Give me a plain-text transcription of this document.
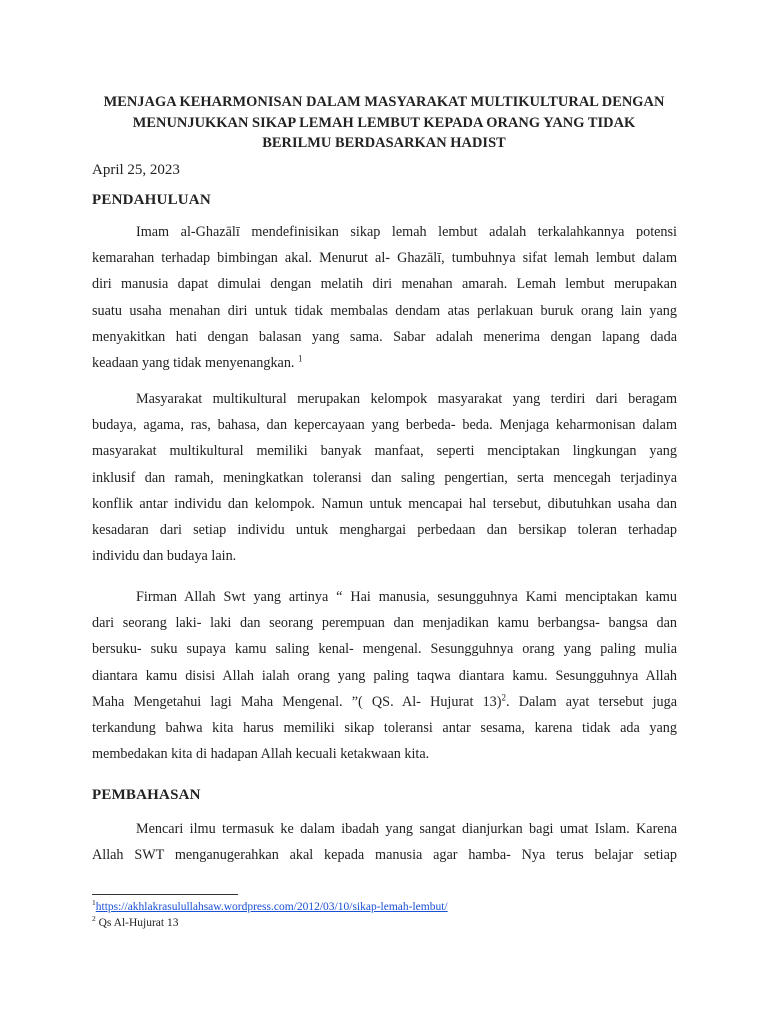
MENJAGA KEHARMONISAN DALAM MASYARAKAT MULTIKULTURAL DENGAN
MENUNJUKKAN SIKAP LEMAH LEMBUT KEPADA ORANG YANG TIDAK
BERILMU BERDASARKAN HADIST
April 25, 2023
PENDAHULUAN
Imam al-Ghazālī mendefinisikan sikap lemah lembut adalah terkalahkannya potensi
kemarahan terhadap bimbingan akal. Menurut al- Ghazālī, tumbuhnya sifat lemah lembut dalam
diri manusia dapat dimulai dengan melatih diri menahan amarah. Lemah lembut merupakan
suatu usaha menahan diri untuk tidak membalas dendam atas perlakuan buruk orang lain yang
menyakitkan hati dengan balasan yang sama. Sabar adalah menerima dengan lapang dada
keadaan yang tidak menyenangkan. $^1$
Masyarakat multikultural merupakan kelompok masyarakat yang terdiri dari beragam
budaya, agama, ras, bahasa, dan kepercayaan yang berbeda- beda. Menjaga keharmonisan dalam
masyarakat multikultural memiliki banyak manfaat, seperti menciptakan lingkungan yang
inklusif dan ramah, meningkatkan toleransi dan saling pengertian, serta mencegah terjadinya
konflik antar individu dan kelompok. Namun untuk mencapai hal tersebut, dibutuhkan usaha dan
kesadaran dari setiap individu untuk menghargai perbedaan dan bersikap toleran terhadap
individu dan budaya lain.
Firman Allah Swt yang artinya “ Hai manusia, sesungguhnya Kami menciptakan kamu
dari seorang laki- laki dan seorang perempuan dan menjadikan kamu berbangsa- bangsa dan
bersuku- suku supaya kamu saling kenal- mengenal. Sesungguhnya orang yang paling mulia
diantara kamu disisi Allah ialah orang yang paling taqwa diantara kamu. Sesungguhnya Allah
Maha Mengetahui lagi Maha Mengenal. ”( QS. Al- Hujurat 13)$^2$. Dalam ayat tersebut juga
terkandung bahwa kita harus memiliki sikap toleransi antar sesama, karena tidak ada yang
membedakan kita di hadapan Allah kecuali ketakwaan kita.
PEMBAHASAN
Mencari ilmu termasuk ke dalam ibadah yang sangat dianjurkan bagi umat Islam. Karena
Allah SWT menganugerahkan akal kepada manusia agar hamba- Nya terus belajar setiap
$^1$https://akhlakrasulullahsaw.wordpress.com/2012/03/10/sikap-lemah-lembut/
$^2$ Qs Al-Hujurat 13
